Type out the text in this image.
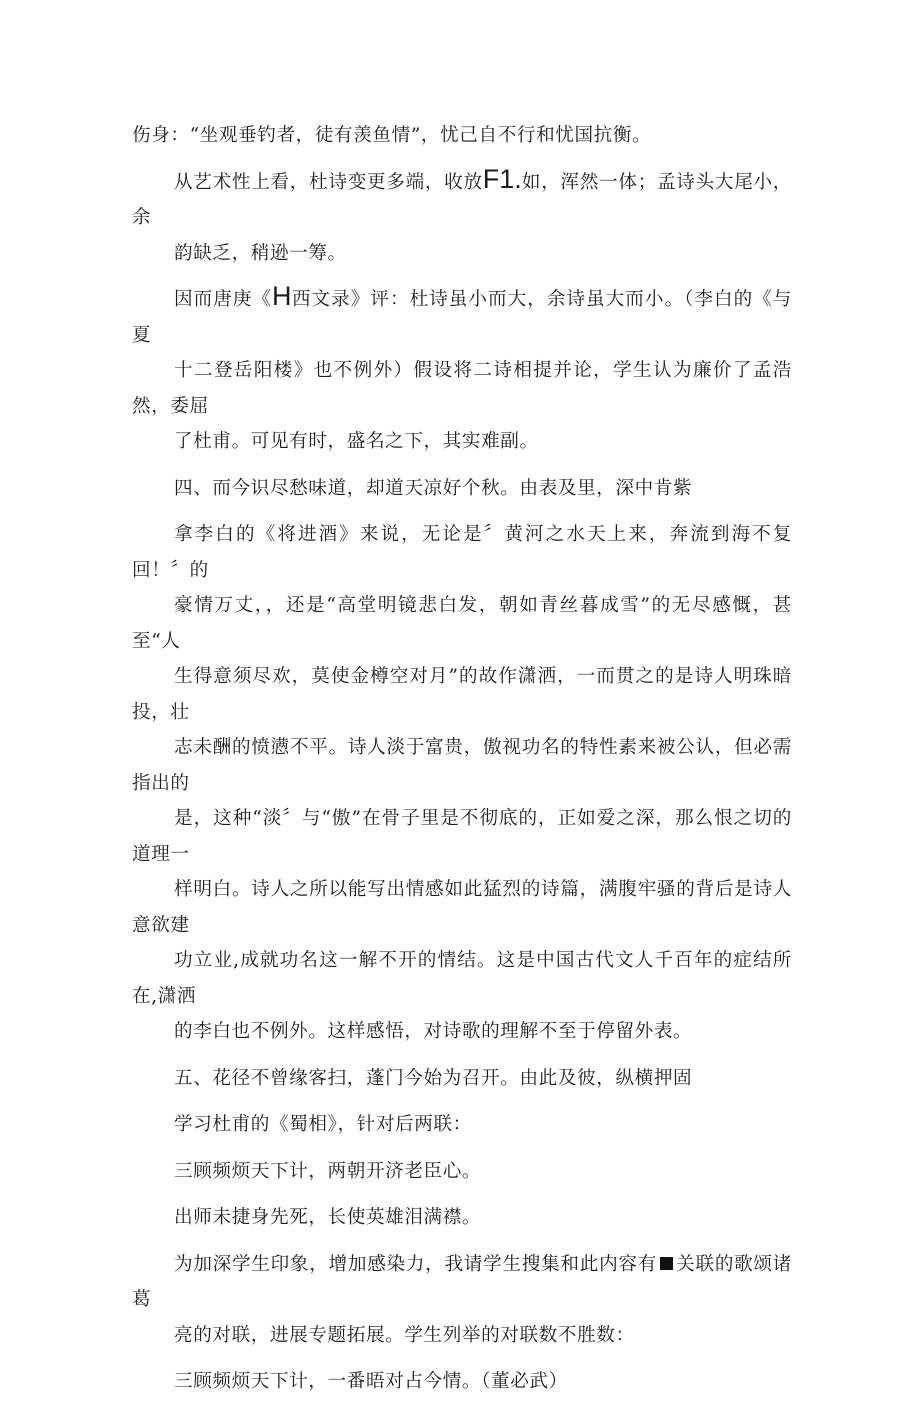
伤身：“坐观垂钓者，徒有羡鱼情”，忧己自不行和忧国抗衡。

从艺术性上看，杜诗变更多端，收放F1.如，浑然一体；孟诗头大尾小，余
韵缺乏，稍逊一筹。

因而唐庚《H西文录》评：杜诗虽小而大，余诗虽大而小。（李白的《与夏
十二登岳阳楼》也不例外）假设将二诗相提并论，学生认为廉价了孟浩然，委屈
了杜甫。可见有时，盛名之下，其实难副。

四、而今识尽愁味道，却道天凉好个秋。由表及里，深中肯紫

拿李白的《将进酒》来说，无论是〞黄河之水天上来，奔流到海不复回！〞的
豪情万丈，，还是“高堂明镜悲白发，朝如青丝暮成雪”的无尽感慨，甚至“人
生得意须尽欢，莫使金樽空对月”的故作潇洒，一而贯之的是诗人明珠暗投，壮
志未酬的愤懑不平。诗人淡于富贵，傲视功名的特性素来被公认，但必需指出的
是，这种“淡〞与“傲”在骨子里是不彻底的，正如爱之深，那么恨之切的道理一
样明白。诗人之所以能写出情感如此猛烈的诗篇，满腹牢骚的背后是诗人意欲建
功立业,成就功名这一解不开的情结。这是中国古代文人千百年的症结所在,潇洒
的李白也不例外。这样感悟，对诗歌的理解不至于停留外表。

五、花径不曾缘客扫，蓬门今始为召开。由此及彼，纵横押固

学习杜甫的《蜀相》，针对后两联：

三顾频烦天下计，两朝开济老臣心。

出师未捷身先死，长使英雄泪满襟。

为加深学生印象，增加感染力，我请学生搜集和此内容有 关联的歌颂诸葛
亮的对联，进展专题拓展。学生列举的对联数不胜数：

三顾频烦天下计，一番晤对占今情。（董必武）
